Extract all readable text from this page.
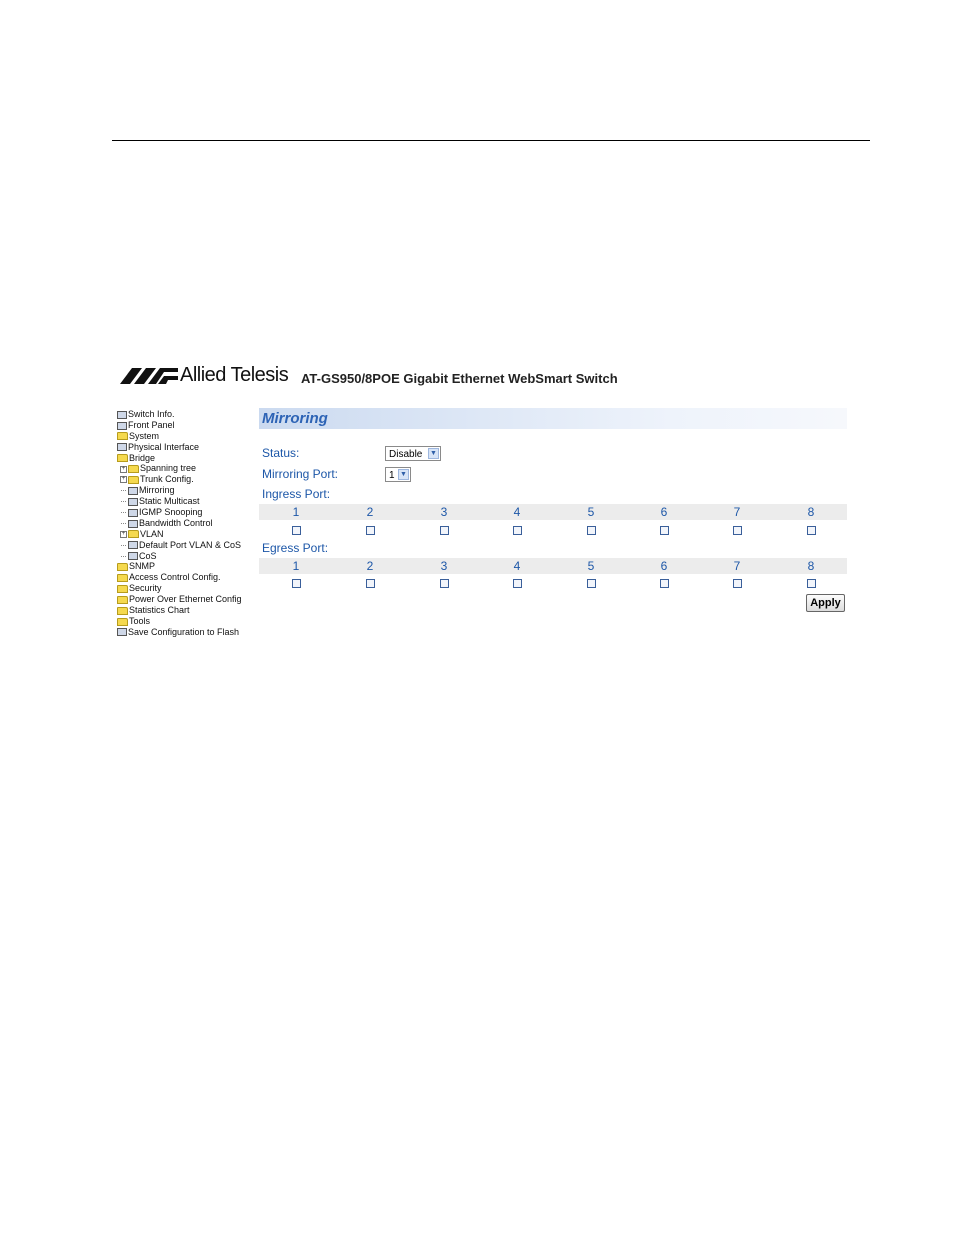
Allied Telesis AT-GS950/8POE Gigabit Ethernet WebSmart Switch
Switch Info.
Front Panel
System
Physical Interface
Bridge
+ Spanning tree
+ Trunk Config.
Mirroring
Static Multicast
IGMP Snooping
Bandwidth Control
+ VLAN
Default Port VLAN & CoS
CoS
SNMP
Access Control Config.
Security
Power Over Ethernet Config
Statistics Chart
Tools
Save Configuration to Flash
Mirroring
Status:	Disable ▼
Mirroring Port:	1 ▼
Ingress Port:
1	2	3	4	5	6	7	8
Egress Port:
1	2	3	4	5	6	7	8
Apply
